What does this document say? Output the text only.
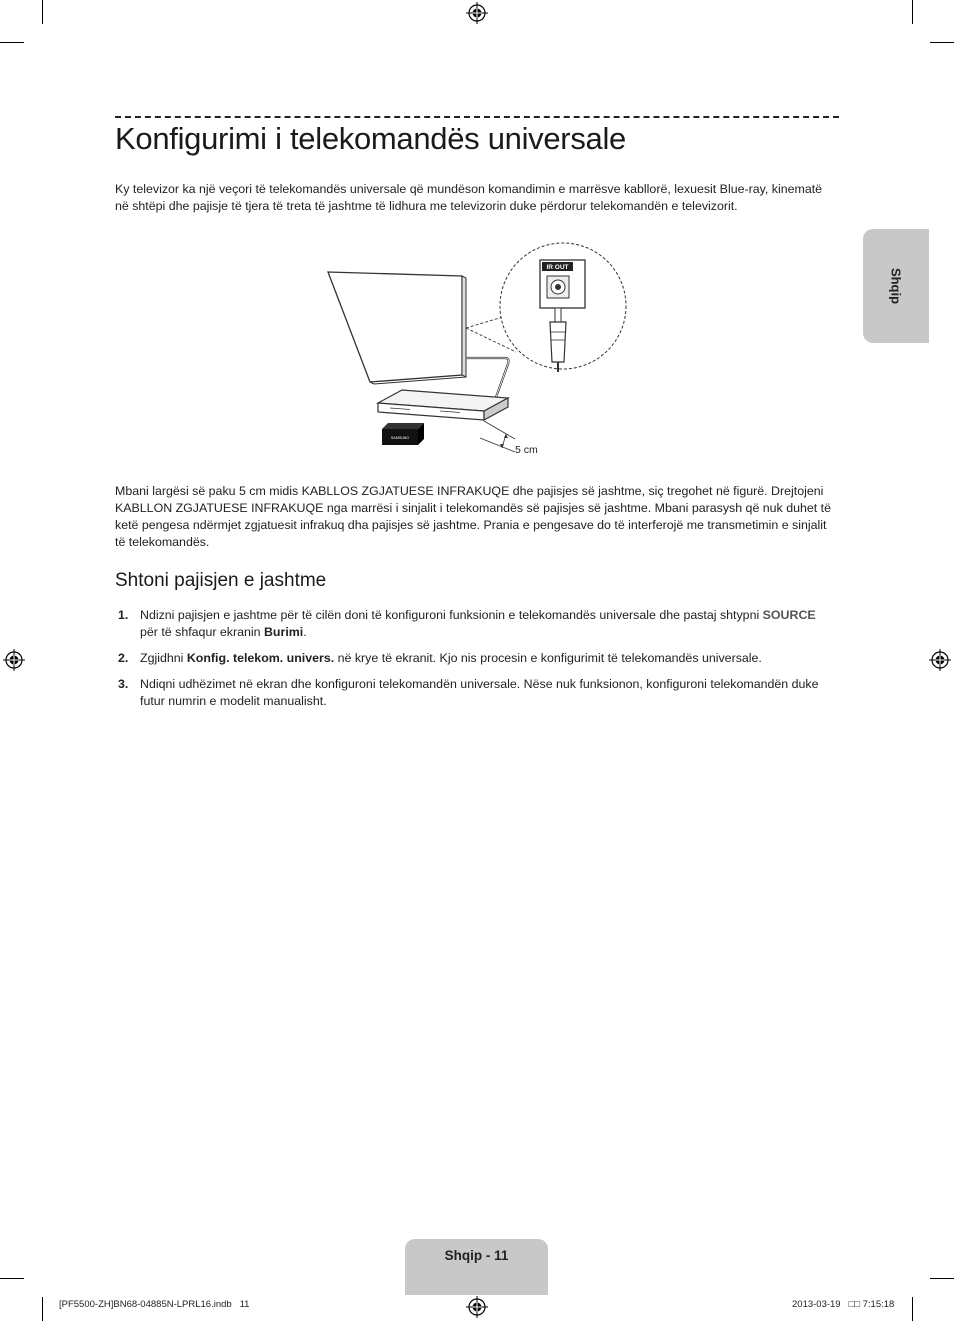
Konfigurimi i telekomandës universale

Ky televizor ka një veçori të telekomandës universale që mundëson komandimin e marrësve kabllorë, lexuesit Blue-ray, kinematë në shtëpi dhe pajisje të tjera të treta të jashtme të lidhura me televizorin duke përdorur telekomandën e televizorit.

IR OUT
SAMSUNG
5 cm

Mbani largësi së paku 5 cm midis KABLLOS ZGJATUESE INFRAKUQE dhe pajisjes së jashtme, siç tregohet në figurë. Drejtojeni KABLLON ZGJATUESE INFRAKUQE nga marrësi i sinjalit i telekomandës së pajisjes së jashtme. Mbani parasysh që nuk duhet të ketë pengesa ndërmjet zgjatuesit infrakuq dha pajisjes së jashtme. Prania e pengesave do të interferojë me transmetimin e sinjalit të telekomandës.

Shtoni pajisjen e jashtme
1. Ndizni pajisjen e jashtme për të cilën doni të konfiguroni funksionin e telekomandës universale dhe pastaj shtypni SOURCE për të shfaqur ekranin Burimi.
2. Zgjidhni Konfig. telekom. univers. në krye të ekranit. Kjo nis procesin e konfigurimit të telekomandës universale.
3. Ndiqni udhëzimet në ekran dhe konfiguroni telekomandën universale. Nëse nuk funksionon, konfiguroni telekomandën duke futur numrin e modelit manualisht.
Shqip
Shqip - 11
[PF5500-ZH]BN68-04885N-LPRL16.indb   11	2013-03-19   □□ 7:15:18
